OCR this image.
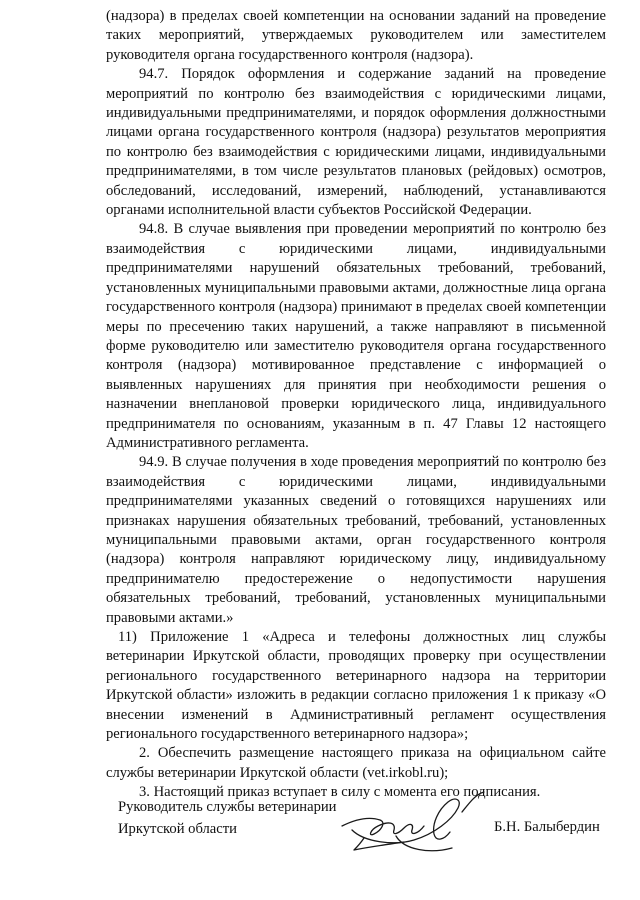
(надзора) в пределах своей компетенции на основании заданий на проведение таких мероприятий, утверждаемых руководителем или заместителем руководителя органа государственного контроля (надзора).

94.7. Порядок оформления и содержание заданий на проведение мероприятий по контролю без взаимодействия с юридическими лицами, индивидуальными предпринимателями, и порядок оформления должностными лицами органа государственного контроля (надзора) результатов мероприятия по контролю без взаимодействия с юридическими лицами, индивидуальными предпринимателями, в том числе результатов плановых (рейдовых) осмотров, обследований, исследований, измерений, наблюдений, устанавливаются органами исполнительной власти субъектов Российской Федерации.

94.8. В случае выявления при проведении мероприятий по контролю без взаимодействия с юридическими лицами, индивидуальными предпринимателями нарушений обязательных требований, требований, установленных муниципальными правовыми актами, должностные лица органа государственного контроля (надзора) принимают в пределах своей компетенции меры по пресечению таких нарушений, а также направляют в письменной форме руководителю или заместителю руководителя органа государственного контроля (надзора) мотивированное представление с информацией о выявленных нарушениях для принятия при необходимости решения о назначении внеплановой проверки юридического лица, индивидуального предпринимателя по основаниям, указанным в п. 47 Главы 12 настоящего Административного регламента.

94.9. В случае получения в ходе проведения мероприятий по контролю без взаимодействия с юридическими лицами, индивидуальными предпринимателями указанных сведений о готовящихся нарушениях или признаках нарушения обязательных требований, требований, установленных муниципальными правовыми актами, орган государственного контроля (надзора) контроля направляют юридическому лицу, индивидуальному предпринимателю предостережение о недопустимости нарушения обязательных требований, требований, установленных муниципальными правовыми актами.»

11) Приложение 1 «Адреса и телефоны должностных лиц службы ветеринарии Иркутской области, проводящих проверку при осуществлении регионального государственного ветеринарного надзора на территории Иркутской области» изложить в редакции согласно приложения 1 к приказу «О внесении изменений в Административный регламент осуществления регионального государственного ветеринарного надзора»;

2. Обеспечить размещение настоящего приказа на официальном сайте службы ветеринарии Иркутской области (vet.irkobl.ru);

3. Настоящий приказ вступает в силу с момента его подписания.

Руководитель службы ветеринарии
Иркутской области	Б.Н. Балыбердин
